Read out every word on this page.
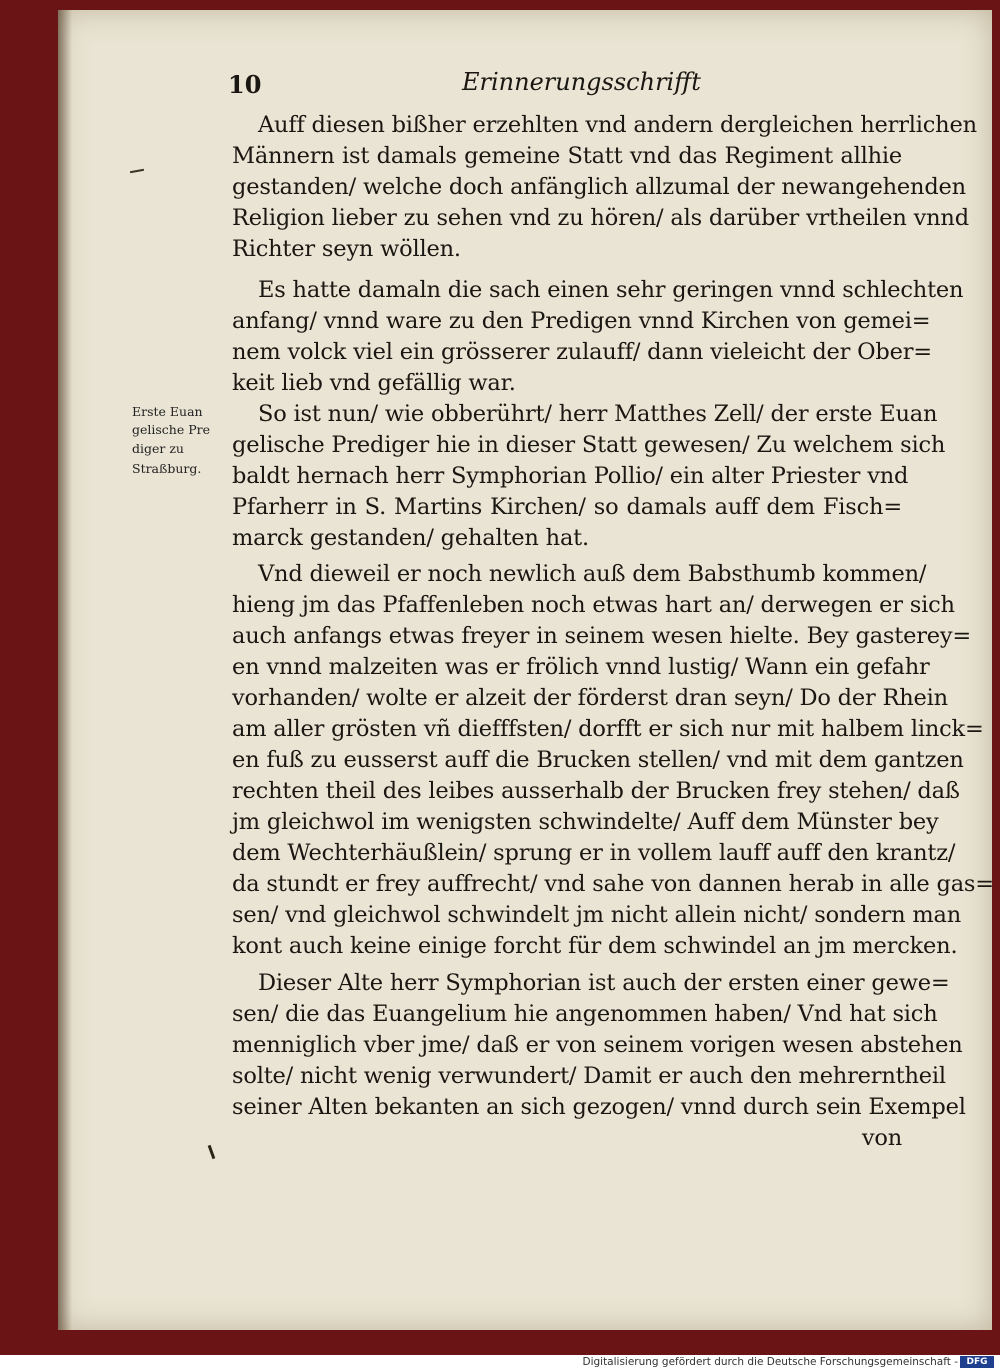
10	Erinnerungsschrifft
Erste Euan
gelische Pre
diger zu
Straßburg.
Auff diesen bißher erzehlten vnd andern dergleichen herrlichen
Männern ist damals gemeine Statt vnd das Regiment allhie
gestanden/ welche doch anfänglich allzumal der newangehenden
Religion lieber zu sehen vnd zu hören/ als darüber vrtheilen vnnd
Richter seyn wöllen.
Es hatte damaln die sach einen sehr geringen vnnd schlechten
anfang/ vnnd ware zu den Predigen vnnd Kirchen von gemei=
nem volck viel ein grösserer zulauff/ dann vieleicht der Ober=
keit lieb vnd gefällig war.
So ist nun/ wie obberührt/ herr Matthes Zell/ der erste Euan
gelische Prediger hie in dieser Statt gewesen/ Zu welchem sich
baldt hernach herr Symphorian Pollio/ ein alter Priester vnd
Pfarherr in S. Martins Kirchen/ so damals auff dem Fisch=
marck gestanden/ gehalten hat.
Vnd dieweil er noch newlich auß dem Babsthumb kommen/
hieng jm das Pfaffenleben noch etwas hart an/ derwegen er sich
auch anfangs etwas freyer in seinem wesen hielte. Bey gasterey=
en vnnd malzeiten was er frölich vnnd lustig/ Wann ein gefahr
vorhanden/ wolte er alzeit der förderst dran seyn/ Do der Rhein
am aller grösten vñ diefffsten/ dorfft er sich nur mit halbem linck=
en fuß zu eusserst auff die Brucken stellen/ vnd mit dem gantzen
rechten theil des leibes ausserhalb der Brucken frey stehen/ daß
jm gleichwol im wenigsten schwindelte/ Auff dem Münster bey
dem Wechterhäußlein/ sprung er in vollem lauff auff den krantz/
da stundt er frey auffrecht/ vnd sahe von dannen herab in alle gas=
sen/ vnd gleichwol schwindelt jm nicht allein nicht/ sondern man
kont auch keine einige forcht für dem schwindel an jm mercken.
Dieser Alte herr Symphorian ist auch der ersten einer gewe=
sen/ die das Euangelium hie angenommen haben/ Vnd hat sich
menniglich vber jme/ daß er von seinem vorigen wesen abstehen
solte/ nicht wenig verwundert/ Damit er auch den mehrerntheil
seiner Alten bekanten an sich gezogen/ vnnd durch sein Exempel
von
Digitalisierung gefördert durch die Deutsche Forschungsgemeinschaft - DFG
